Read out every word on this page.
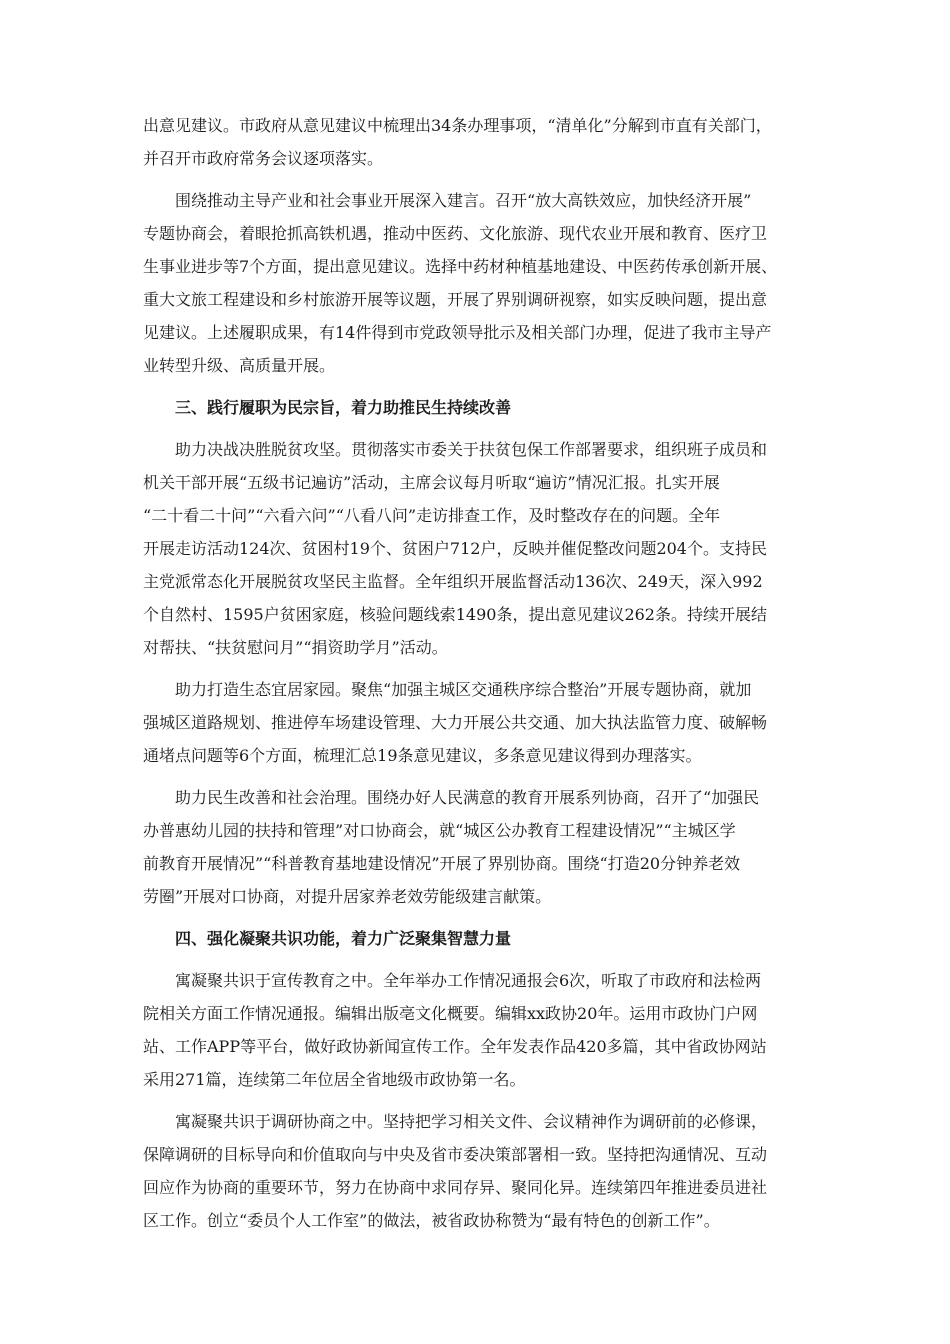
出意见建议。市政府从意见建议中梳理出34条办理事项，“清单化”分解到市直有关部门，
并召开市政府常务会议逐项落实。
围绕推动主导产业和社会事业开展深入建言。召开“放大高铁效应，加快经济开展”
专题协商会，着眼抢抓高铁机遇，推动中医药、文化旅游、现代农业开展和教育、医疗卫
生事业进步等7个方面，提出意见建议。选择中药材种植基地建设、中医药传承创新开展、
重大文旅工程建设和乡村旅游开展等议题，开展了界别调研视察，如实反映问题，提出意
见建议。上述履职成果，有14件得到市党政领导批示及相关部门办理，促进了我市主导产
业转型升级、高质量开展。
三、践行履职为民宗旨，着力助推民生持续改善
助力决战决胜脱贫攻坚。贯彻落实市委关于扶贫包保工作部署要求，组织班子成员和
机关干部开展“五级书记遍访”活动，主席会议每月听取“遍访”情况汇报。扎实开展
“二十看二十问”“六看六问”“八看八问”走访排查工作，及时整改存在的问题。全年
开展走访活动124次、贫困村19个、贫困户712户，反映并催促整改问题204个。支持民
主党派常态化开展脱贫攻坚民主监督。全年组织开展监督活动136次、249天，深入992
个自然村、1595户贫困家庭，核验问题线索1490条，提出意见建议262条。持续开展结
对帮扶、“扶贫慰问月”“捐资助学月”活动。
助力打造生态宜居家园。聚焦“加强主城区交通秩序综合整治”开展专题协商，就加
强城区道路规划、推进停车场建设管理、大力开展公共交通、加大执法监管力度、破解畅
通堵点问题等6个方面，梳理汇总19条意见建议，多条意见建议得到办理落实。
助力民生改善和社会治理。围绕办好人民满意的教育开展系列协商，召开了“加强民
办普惠幼儿园的扶持和管理”对口协商会，就“城区公办教育工程建设情况”“主城区学
前教育开展情况”“科普教育基地建设情况”开展了界别协商。围绕“打造20分钟养老效
劳圈”开展对口协商，对提升居家养老效劳能级建言献策。
四、强化凝聚共识功能，着力广泛聚集智慧力量
寓凝聚共识于宣传教育之中。全年举办工作情况通报会6次，听取了市政府和法检两
院相关方面工作情况通报。编辑出版亳文化概要。编辑xx政协20年。运用市政协门户网
站、工作APP等平台，做好政协新闻宣传工作。全年发表作品420多篇，其中省政协网站
采用271篇，连续第二年位居全省地级市政协第一名。
寓凝聚共识于调研协商之中。坚持把学习相关文件、会议精神作为调研前的必修课，
保障调研的目标导向和价值取向与中央及省市委决策部署相一致。坚持把沟通情况、互动
回应作为协商的重要环节，努力在协商中求同存异、聚同化异。连续第四年推进委员进社
区工作。创立“委员个人工作室”的做法，被省政协称赞为“最有特色的创新工作”。
